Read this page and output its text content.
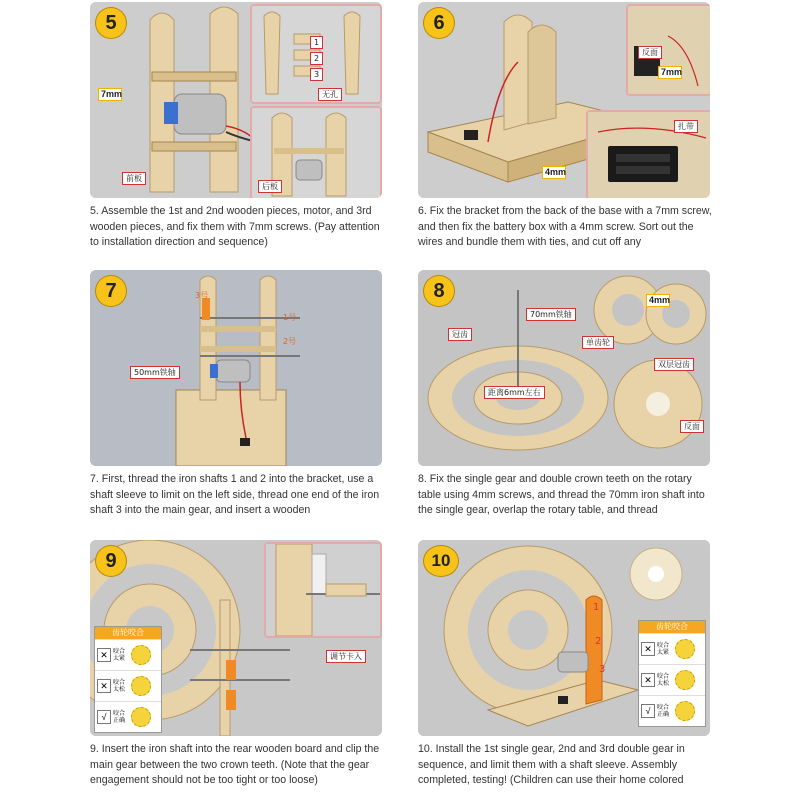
5
7mm
前板
1
2
3
无孔
后板
5. Assemble the 1st and 2nd wooden pieces, motor, and 3rd wooden pieces, and fix them with 7mm screws. (Pay attention to installation direction and sequence)
6
反面
7mm
扎带
4mm
6. Fix the bracket from the back of the base with a 7mm screw, and then fix the battery box with a 4mm screw. Sort out the wires and bundle them with ties, and cut off any
7	3号
1号
2号
50mm铁轴
7. First, thread the iron shafts 1 and 2 into the bracket, use a shaft sleeve to limit on the left side, thread one end of the iron shaft 3 into the main gear, and insert a wooden
8
70mm铁轴
冠齿
单齿轮
双层冠齿
距离6mm左右
反面
4mm
8. Fix the single gear and double crown teeth on the rotary table using 4mm screws, and thread the 70mm iron shaft into the single gear, overlap the rotary table, and thread
9
调节卡入
齿轮咬合
✕ 咬合太紧
✕ 咬合太松
√	咬合正确
9. Insert the iron shaft into the rear wooden board and clip the main gear between the two crown teeth. (Note that the gear engagement should not be too tight or too loose)
10
1
2
3
齿轮咬合
✕ 咬合太紧
✕ 咬合太松
√	咬合正确
10. Install the 1st single gear, 2nd and 3rd double gear in sequence, and limit them with a shaft sleeve. Assembly completed, testing! (Children can use their home colored
